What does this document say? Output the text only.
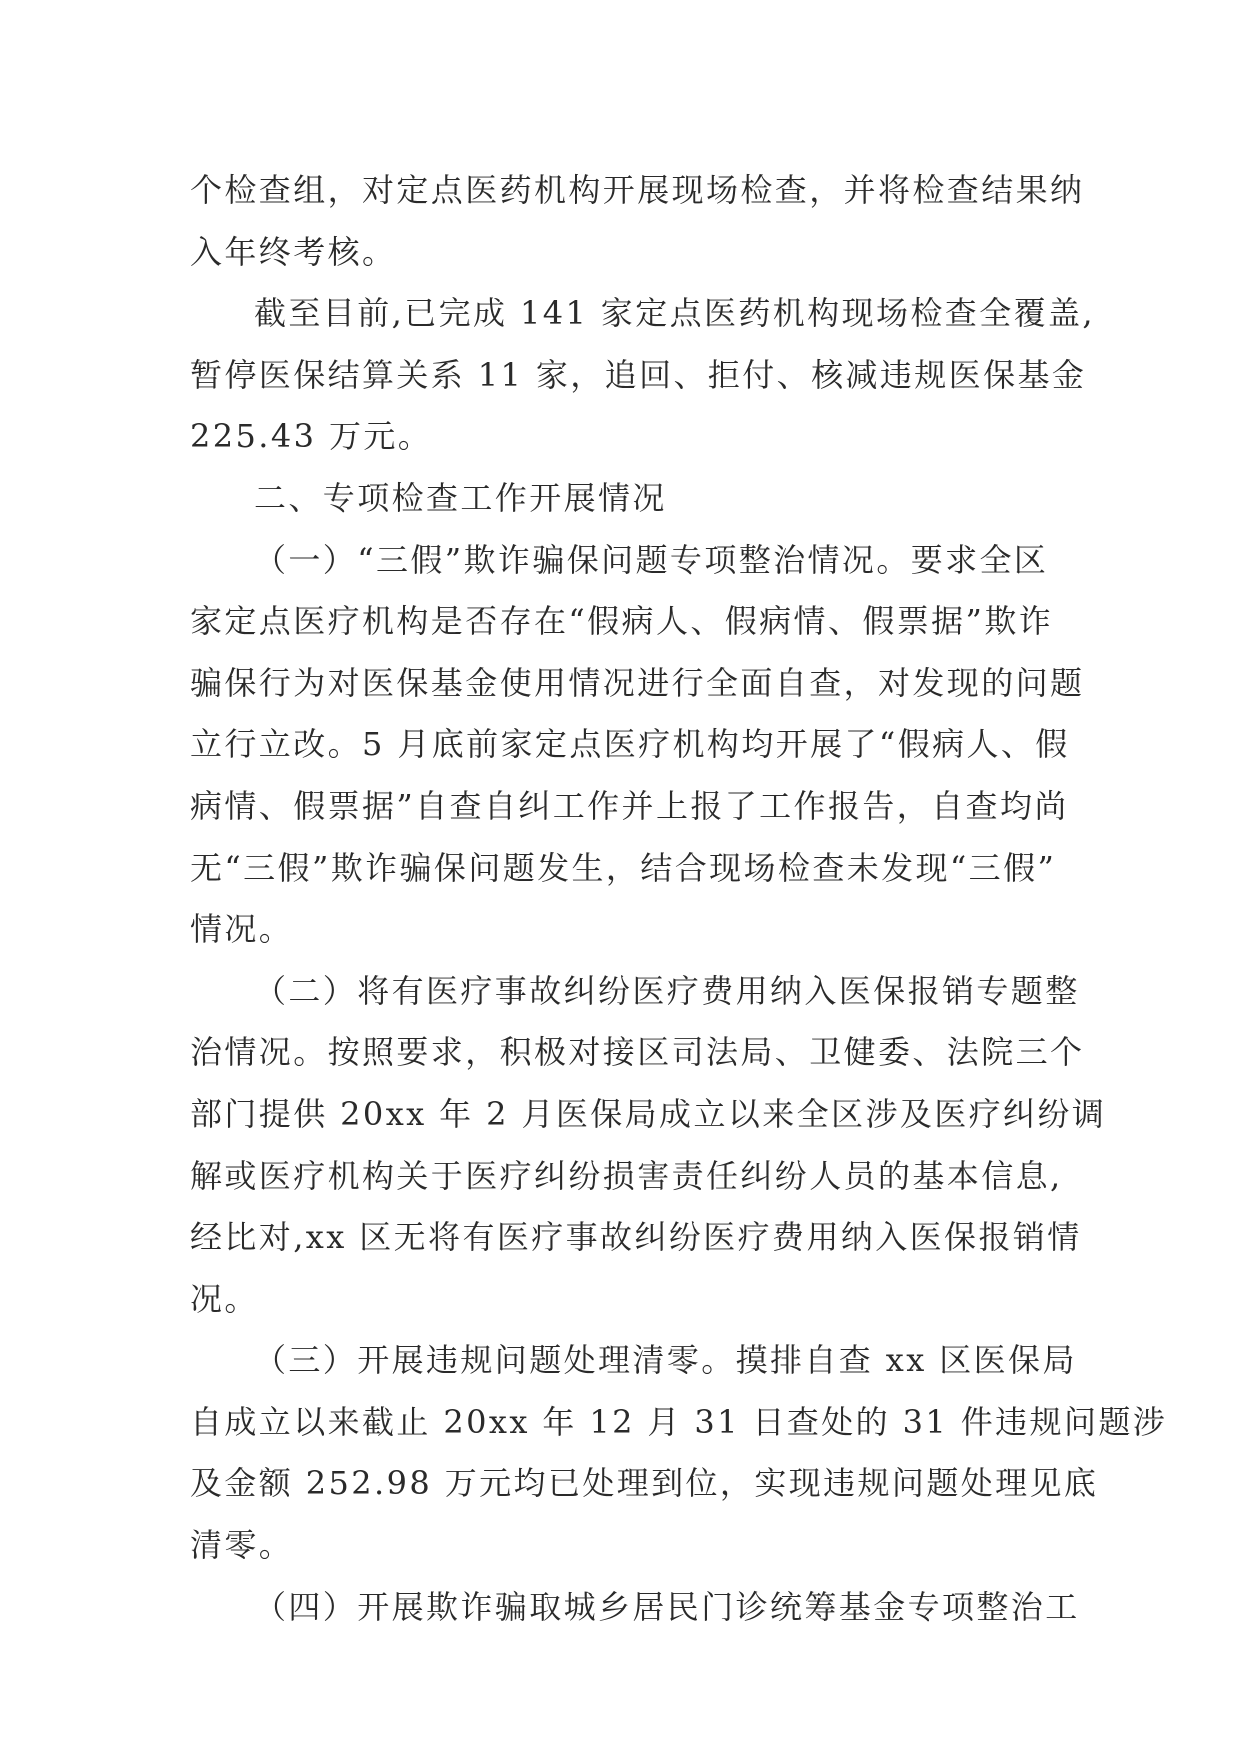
个检查组，对定点医药机构开展现场检查，并将检查结果纳
入年终考核。

截至目前,已完成 141 家定点医药机构现场检查全覆盖,
暂停医保结算关系 11 家，追回、拒付、核减违规医保基金
225.43 万元。

二、专项检查工作开展情况

（一）“三假”欺诈骗保问题专项整治情况。要求全区
家定点医疗机构是否存在“假病人、假病情、假票据”欺诈
骗保行为对医保基金使用情况进行全面自查，对发现的问题
立行立改。5 月底前家定点医疗机构均开展了“假病人、假
病情、假票据”自查自纠工作并上报了工作报告，自查均尚
无“三假”欺诈骗保问题发生，结合现场检查未发现“三假”
情况。

（二）将有医疗事故纠纷医疗费用纳入医保报销专题整
治情况。按照要求，积极对接区司法局、卫健委、法院三个
部门提供 20xx 年 2 月医保局成立以来全区涉及医疗纠纷调
解或医疗机构关于医疗纠纷损害责任纠纷人员的基本信息,
经比对,xx 区无将有医疗事故纠纷医疗费用纳入医保报销情
况。

（三）开展违规问题处理清零。摸排自查 xx 区医保局
自成立以来截止 20xx 年 12 月 31 日查处的 31 件违规问题涉
及金额 252.98 万元均已处理到位，实现违规问题处理见底
清零。

（四）开展欺诈骗取城乡居民门诊统筹基金专项整治工
